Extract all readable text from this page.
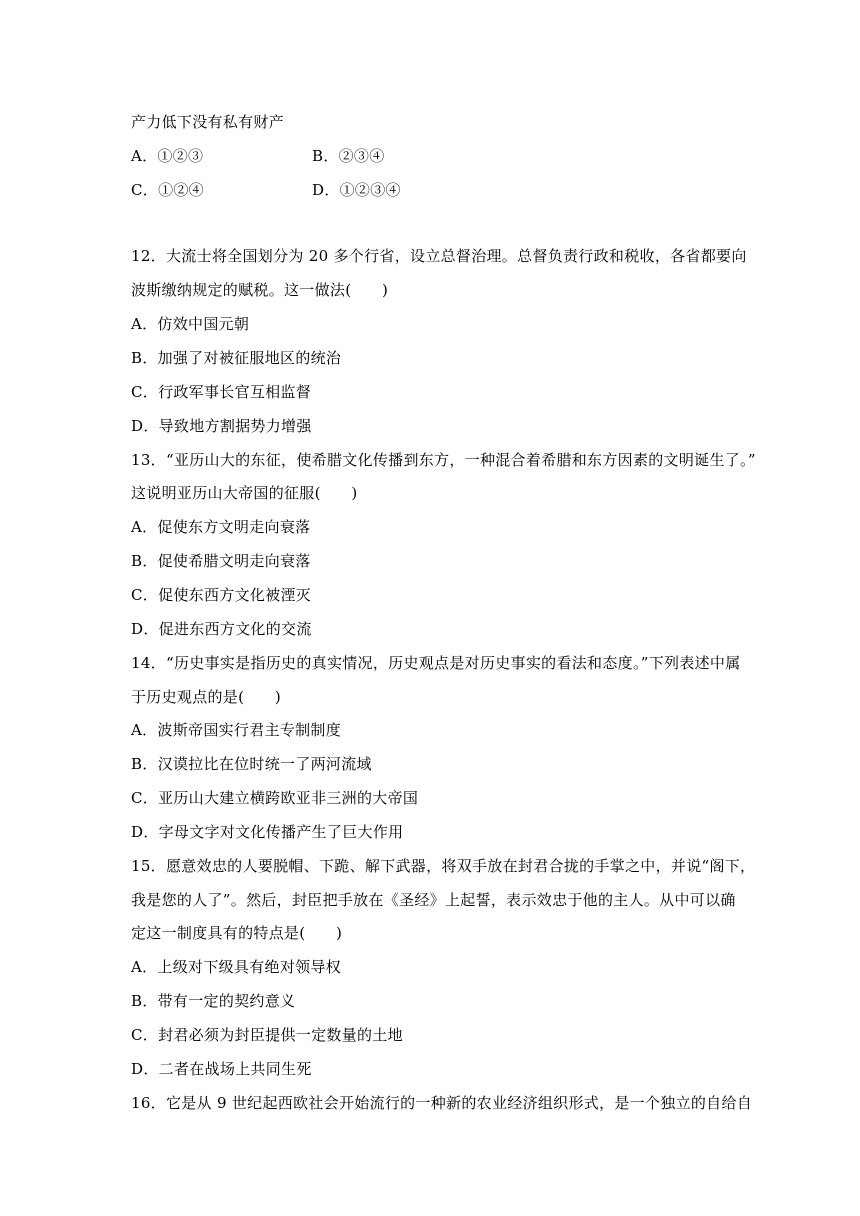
产力低下没有私有财产
A．①②③	B．②③④
C．①②④	D．①②③④
12．大流士将全国划分为 20 多个行省，设立总督治理。总督负责行政和税收，各省都要向
波斯缴纳规定的赋税。这一做法(　　)
A．仿效中国元朝
B．加强了对被征服地区的统治
C．行政军事长官互相监督
D．导致地方割据势力增强
13．“亚历山大的东征，使希腊文化传播到东方，一种混合着希腊和东方因素的文明诞生了。”
这说明亚历山大帝国的征服(　　)
A．促使东方文明走向衰落
B．促使希腊文明走向衰落
C．促使东西方文化被湮灭
D．促进东西方文化的交流
14．“历史事实是指历史的真实情况，历史观点是对历史事实的看法和态度。”下列表述中属
于历史观点的是(　　)
A．波斯帝国实行君主专制制度
B．汉谟拉比在位时统一了两河流域
C．亚历山大建立横跨欧亚非三洲的大帝国
D．字母文字对文化传播产生了巨大作用
15．愿意效忠的人要脱帽、下跪、解下武器，将双手放在封君合拢的手掌之中，并说“阁下，
我是您的人了”。然后，封臣把手放在《圣经》上起誓，表示效忠于他的主人。从中可以确
定这一制度具有的特点是(　　)
A．上级对下级具有绝对领导权
B．带有一定的契约意义
C．封君必须为封臣提供一定数量的土地
D．二者在战场上共同生死
16．它是从 9 世纪起西欧社会开始流行的一种新的农业经济组织形式，是一个独立的自给自
